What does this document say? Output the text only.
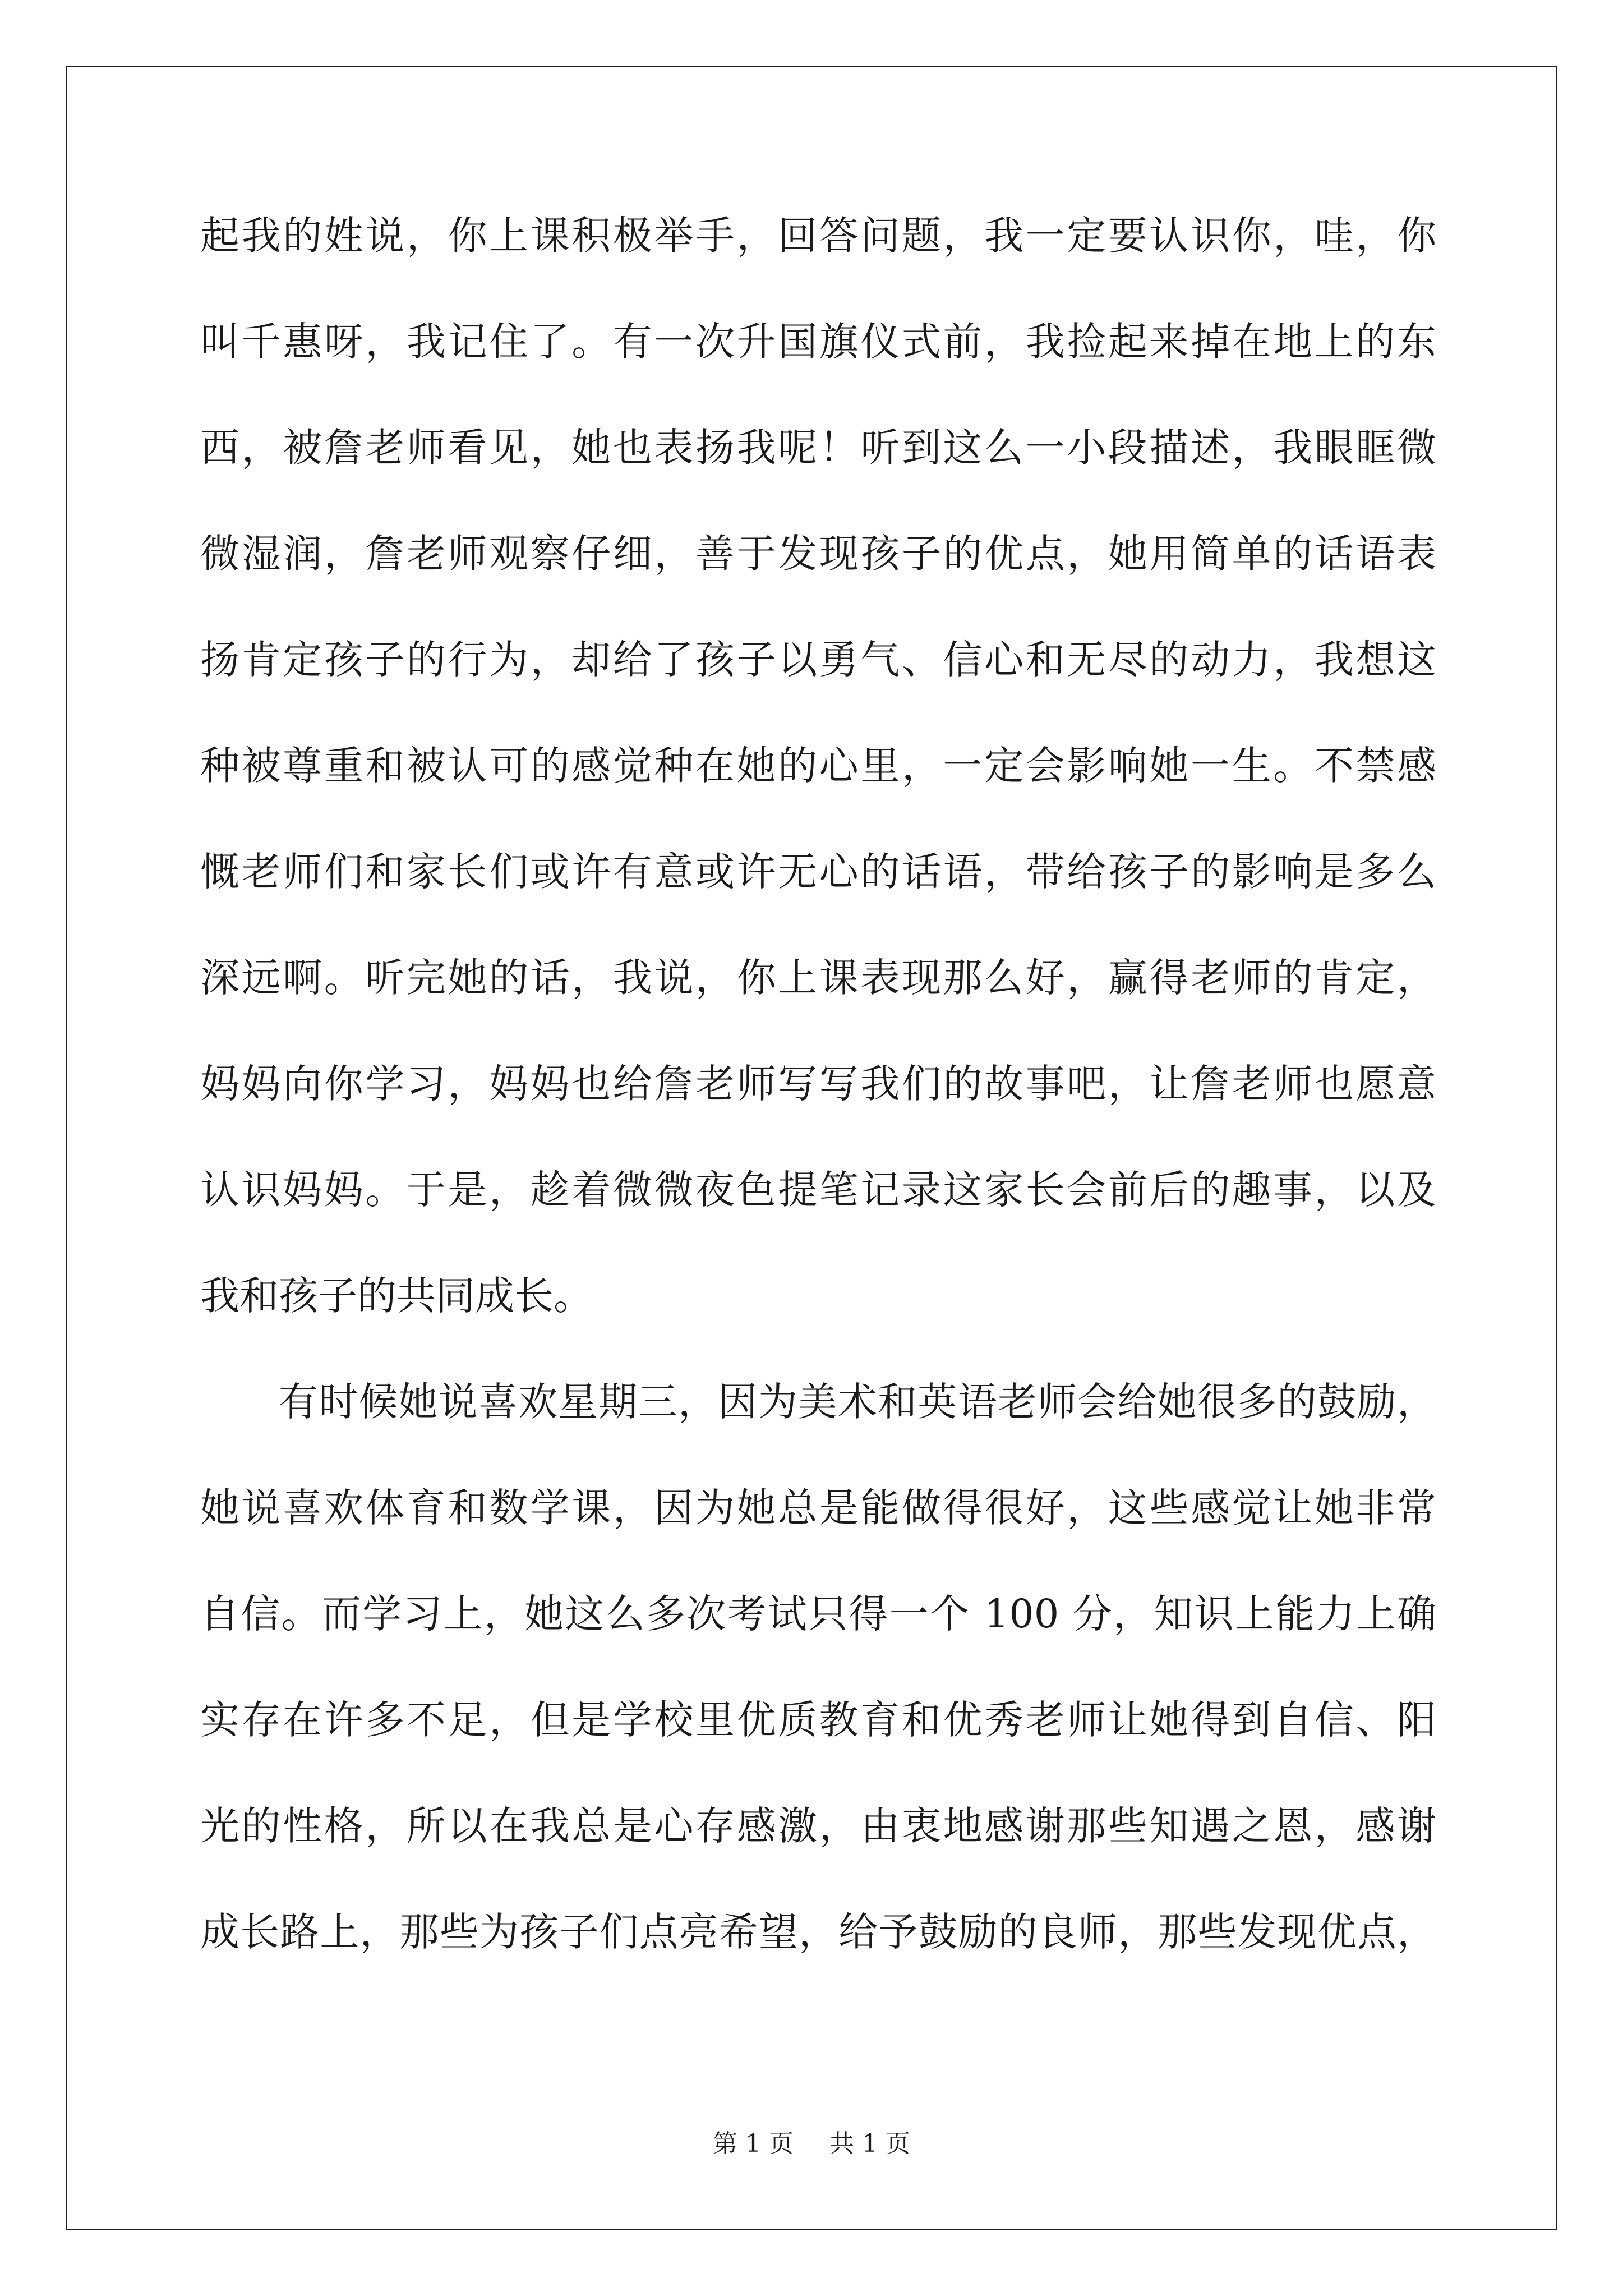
起我的姓说，你上课积极举手，回答问题，我一定要认识你，哇，你
叫千惠呀，我记住了。有一次升国旗仪式前，我捡起来掉在地上的东
西，被詹老师看见，她也表扬我呢！听到这么一小段描述，我眼眶微
微湿润，詹老师观察仔细，善于发现孩子的优点，她用简单的话语表
扬肯定孩子的行为，却给了孩子以勇气、信心和无尽的动力，我想这
种被尊重和被认可的感觉种在她的心里，一定会影响她一生。不禁感
慨老师们和家长们或许有意或许无心的话语，带给孩子的影响是多么
深远啊。听完她的话，我说，你上课表现那么好，赢得老师的肯定，
妈妈向你学习，妈妈也给詹老师写写我们的故事吧，让詹老师也愿意
认识妈妈。于是，趁着微微夜色提笔记录这家长会前后的趣事，以及
我和孩子的共同成长。
有时候她说喜欢星期三，因为美术和英语老师会给她很多的鼓励，
她说喜欢体育和数学课，因为她总是能做得很好，这些感觉让她非常
自信。而学习上，她这么多次考试只得一个 100 分，知识上能力上确
实存在许多不足，但是学校里优质教育和优秀老师让她得到自信、阳
光的性格，所以在我总是心存感激，由衷地感谢那些知遇之恩，感谢
成长路上，那些为孩子们点亮希望，给予鼓励的良师，那些发现优点，
第 1 页 共 1 页
